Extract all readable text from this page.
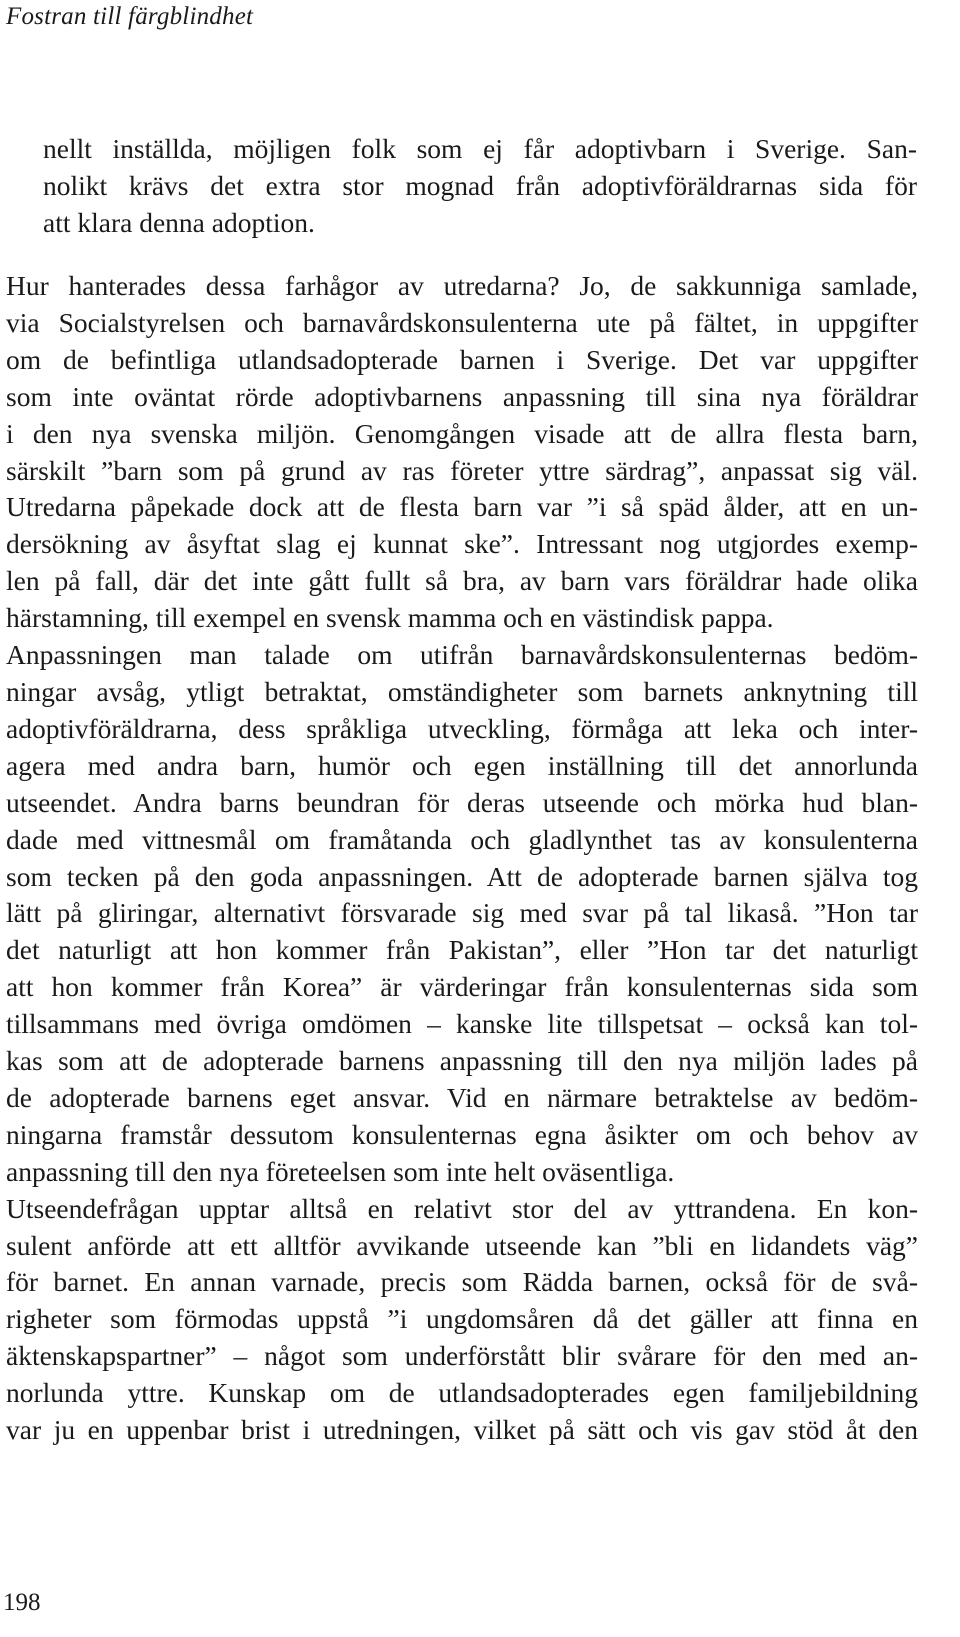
Fostran till färgblindhet
nellt inställda, möjligen folk som ej får adoptivbarn i Sverige. San-
nolikt krävs det extra stor mognad från adoptivföräldrarnas sida för
att klara denna adoption.
Hur hanterades dessa farhågor av utredarna? Jo, de sakkunniga samlade,
via Socialstyrelsen och barnavårdskonsulenterna ute på fältet, in uppgifter
om de befintliga utlandsadopterade barnen i Sverige. Det var uppgifter
som inte oväntat rörde adoptivbarnens anpassning till sina nya föräldrar
i den nya svenska miljön. Genomgången visade att de allra flesta barn,
särskilt ”barn som på grund av ras företer yttre särdrag”, anpassat sig väl.
Utredarna påpekade dock att de flesta barn var ”i så späd ålder, att en un-
dersökning av åsyftat slag ej kunnat ske”. Intressant nog utgjordes exemp-
len på fall, där det inte gått fullt så bra, av barn vars föräldrar hade olika
härstamning, till exempel en svensk mamma och en västindisk pappa.
Anpassningen man talade om utifrån barnavårdskonsulenternas bedöm-
ningar avsåg, ytligt betraktat, omständigheter som barnets anknytning till
adoptivföräldrarna, dess språkliga utveckling, förmåga att leka och inter-
agera med andra barn, humör och egen inställning till det annorlunda
utseendet. Andra barns beundran för deras utseende och mörka hud blan-
dade med vittnesmål om framåtanda och gladlynthet tas av konsulenterna
som tecken på den goda anpassningen. Att de adopterade barnen själva tog
lätt på gliringar, alternativt försvarade sig med svar på tal likaså. ”Hon tar
det naturligt att hon kommer från Pakistan”, eller ”Hon tar det naturligt
att hon kommer från Korea” är värderingar från konsulenternas sida som
tillsammans med övriga omdömen – kanske lite tillspetsat – också kan tol-
kas som att de adopterade barnens anpassning till den nya miljön lades på
de adopterade barnens eget ansvar. Vid en närmare betraktelse av bedöm-
ningarna framstår dessutom konsulenternas egna åsikter om och behov av
anpassning till den nya företeelsen som inte helt oväsentliga.
Utseendefrågan upptar alltså en relativt stor del av yttrandena. En kon-
sulent anförde att ett alltför avvikande utseende kan ”bli en lidandets väg”
för barnet. En annan varnade, precis som Rädda barnen, också för de svå-
righeter som förmodas uppstå ”i ungdomsåren då det gäller att finna en
äktenskapspartner” – något som underförstått blir svårare för den med an-
norlunda yttre. Kunskap om de utlandsadopterades egen familjebildning
var ju en uppenbar brist i utredningen, vilket på sätt och vis gav stöd åt den
198
